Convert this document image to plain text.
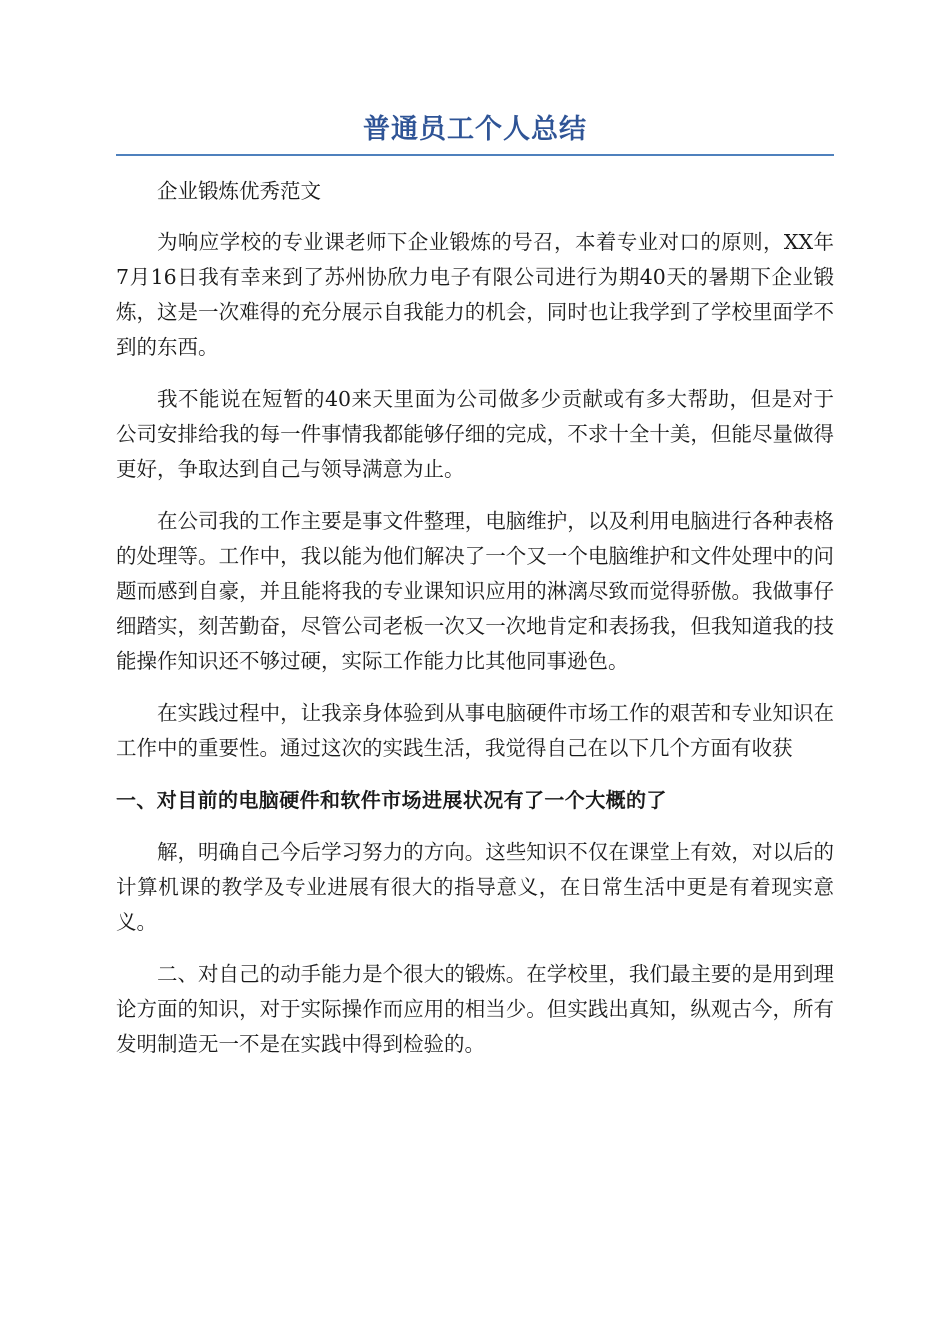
普通员工个人总结

企业锻炼优秀范文

为响应学校的专业课老师下企业锻炼的号召，本着专业对口的原则，XX年7月16日我有幸来到了苏州协欣力电子有限公司进行为期40天的暑期下企业锻炼，这是一次难得的充分展示自我能力的机会，同时也让我学到了学校里面学不到的东西。

我不能说在短暂的40来天里面为公司做多少贡献或有多大帮助，但是对于公司安排给我的每一件事情我都能够仔细的完成，不求十全十美，但能尽量做得更好，争取达到自己与领导满意为止。

在公司我的工作主要是事文件整理，电脑维护，以及利用电脑进行各种表格的处理等。工作中，我以能为他们解决了一个又一个电脑维护和文件处理中的问题而感到自豪，并且能将我的专业课知识应用的淋漓尽致而觉得骄傲。我做事仔细踏实，刻苦勤奋，尽管公司老板一次又一次地肯定和表扬我，但我知道我的技能操作知识还不够过硬，实际工作能力比其他同事逊色。

在实践过程中，让我亲身体验到从事电脑硬件市场工作的艰苦和专业知识在工作中的重要性。通过这次的实践生活，我觉得自己在以下几个方面有收获

一、对目前的电脑硬件和软件市场进展状况有了一个大概的了

解，明确自己今后学习努力的方向。这些知识不仅在课堂上有效，对以后的计算机课的教学及专业进展有很大的指导意义，在日常生活中更是有着现实意义。

二、对自己的动手能力是个很大的锻炼。在学校里，我们最主要的是用到理论方面的知识，对于实际操作而应用的相当少。但实践出真知，纵观古今，所有发明制造无一不是在实践中得到检验的。
